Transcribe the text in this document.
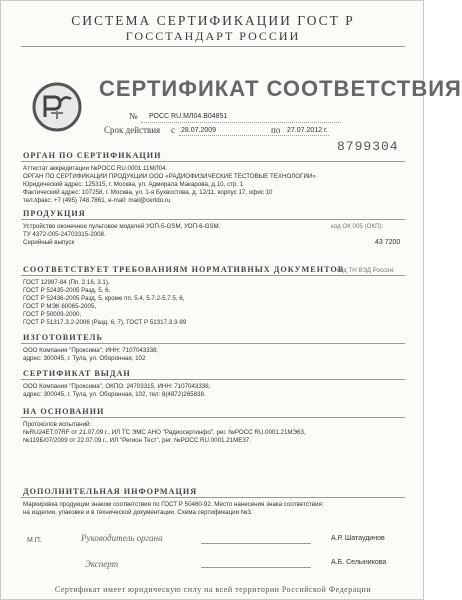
СИСТЕМА СЕРТИФИКАЦИИ ГОСТ Р
ГОССТАНДАРТ РОССИИ
СЕРТИФИКАТ СООТВЕТСТВИЯ
№ РОСС RU.МЛ04.В04851
Срок действия с 28.07.2009	по 27.07.2012 г.
8799304
ОРГАН ПО СЕРТИФИКАЦИИ
Аттестат аккредитации №РОСС RU.0001.11МЛ04.
ОРГАН ПО СЕРТИФИКАЦИИ ПРОДУКЦИИ ООО «РАДИОФИЗИЧЕСКИЕ ТЕСТОВЫЕ ТЕХНОЛОГИИ»
Юридический адрес: 125315, г. Москва, ул. Адмирала Макарова, д.10, стр. 1
Фактический адрес: 107258, г. Москва, ул. 1-я Бухвостова, д. 12/11, корпус 17, офис 10
тел./факс: +7 (495) 748.7861, e-mail: mail@certdo.ru
ПРОДУКЦИЯ
Устройство оконечное пультовое моделей УОП-5-GSM, УОП-6-GSM.	код ОК 005 (ОКП):
ТУ 4372-005-24703315-2008.
Серийный выпуск	43 7200
СООТВЕТСТВУЕТ ТРЕБОВАНИЯМ НОРМАТИВНЫХ ДОКУМЕНТОВ
код ТН ВЭД России:
ГОСТ 12997-84 (Пп. 2.16, 3.1),
ГОСТ Р 52435-2005 Разд. 5, 6,
ГОСТ Р 52436-2005 Разд. 5, кроме пп. 5.4, 5.7.2-5.7.5, 6,
ГОСТ Р МЭК 60065-2005,
ГОСТ Р 50009-2000,
ГОСТ Р 51317.3.2-2006 (Разд. 6, 7), ГОСТ Р 51317.3.3-99
ИЗГОТОВИТЕЛЬ
ООО Компания "Проксима", ИНН: 7107043338,
адрес: 300045, г. Тула, ул. Оборонная, 102
СЕРТИФИКАТ ВЫДАН
ООО Компания "Проксима", ОКПО: 24703315, ИНН: 7107043338,
адрес: 300045, г. Тула, ул. Оборонная, 102, тел: 8(4872)265838.
НА ОСНОВАНИИ
Протоколов испытаний:
№RU24ET.07RF от 21.07.09 г., ИЛ ТС ЭМС АНО "Радиосертинфо", рег. №РОСС RU.0001.21МЭ63,
№119Б/07/2009 от 22.07.09 г., ИЛ "Регион Тест", рег. №РОСС RU.0001.21МЕ37.
ДОПОЛНИТЕЛЬНАЯ ИНФОРМАЦИЯ
Маркировка продукции знаком соответствия по ГОСТ Р 50460-92. Место нанесения знака соответствия:
на изделии, упаковке и в технической документации. Схема сертификации №3.
М.П.	Руководитель органа	А.Р. Шатаудинов
Эксперт	А.Б. Селыникова
Сертификат имеет юридическую силу на всей территории Российской Федерации
